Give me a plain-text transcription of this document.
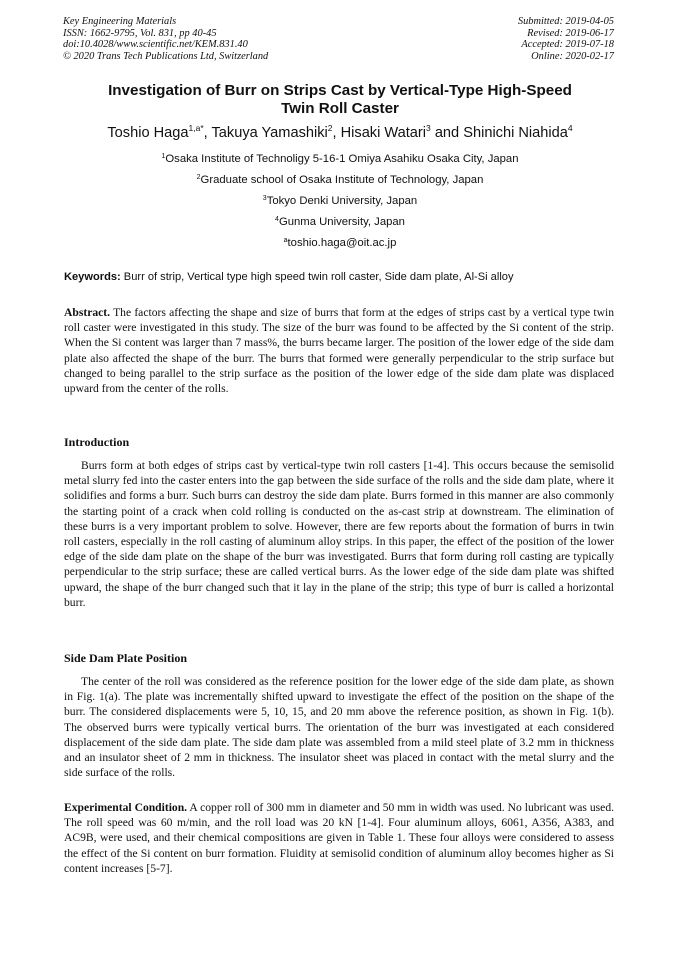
Key Engineering Materials
ISSN: 1662-9795, Vol. 831, pp 40-45
doi:10.4028/www.scientific.net/KEM.831.40
© 2020 Trans Tech Publications Ltd, Switzerland
Submitted: 2019-04-05
Revised: 2019-06-17
Accepted: 2019-07-18
Online: 2020-02-17
Investigation of Burr on Strips Cast by Vertical-Type High-Speed
Twin Roll Caster
Toshio Haga$^{1,a*}$, Takuya Yamashiki$^2$, Hisaki Watari$^3$ and Shinichi Niahida$^4$
$^1$Osaka Institute of Technoligy 5-16-1 Omiya Asahiku Osaka City, Japan
$^2$Graduate school of Osaka Institute of Technology, Japan
$^3$Tokyo Denki University, Japan
$^4$Gunma University, Japan
$^a$toshio.haga@oit.ac.jp
Keywords: Burr of strip, Vertical type high speed twin roll caster, Side dam plate, Al-Si alloy
Abstract. The factors affecting the shape and size of burrs that form at the edges of strips cast by a vertical type twin roll caster were investigated in this study. The size of the burr was found to be affected by the Si content of the strip. When the Si content was larger than 7 mass%, the burrs became larger. The position of the lower edge of the side dam plate also affected the shape of the burr. The burrs that formed were generally perpendicular to the strip surface but changed to being parallel to the strip surface as the position of the lower edge of the side dam plate was displaced upward from the center of the rolls.
Introduction
Burrs form at both edges of strips cast by vertical-type twin roll casters [1-4]. This occurs because the semisolid metal slurry fed into the caster enters into the gap between the side surface of the rolls and the side dam plate, where it solidifies and forms a burr. Such burrs can destroy the side dam plate. Burrs formed in this manner are also commonly the starting point of a crack when cold rolling is conducted on the as-cast strip at downstream. The elimination of these burrs is a very important problem to solve. However, there are few reports about the formation of burrs in twin roll casters, especially in the roll casting of aluminum alloy strips. In this paper, the effect of the position of the lower edge of the side dam plate on the shape of the burr was investigated. Burrs that form during roll casting are typically perpendicular to the strip surface; these are called vertical burrs. As the lower edge of the side dam plate was shifted upward, the shape of the burr changed such that it lay in the plane of the strip; this type of burr is called a horizontal burr.
Side Dam Plate Position
The center of the roll was considered as the reference position for the lower edge of the side dam plate, as shown in Fig. 1(a). The plate was incrementally shifted upward to investigate the effect of the position on the shape of the burr. The considered displacements were 5, 10, 15, and 20 mm above the reference position, as shown in Fig. 1(b). The observed burrs were typically vertical burrs. The orientation of the burr was investigated at each considered displacement of the side dam plate. The side dam plate was assembled from a mild steel plate of 3.2 mm in thickness and an insulator sheet of 2 mm in thickness. The insulator sheet was placed in contact with the metal slurry and the side surface of the rolls.
Experimental Condition. A copper roll of 300 mm in diameter and 50 mm in width was used. No lubricant was used. The roll speed was 60 m/min, and the roll load was 20 kN [1-4]. Four aluminum alloys, 6061, A356, A383, and AC9B, were used, and their chemical compositions are given in Table 1. These four alloys were considered to assess the effect of the Si content on burr formation. Fluidity at semisolid condition of aluminum alloy becomes higher as Si content increases [5-7].
